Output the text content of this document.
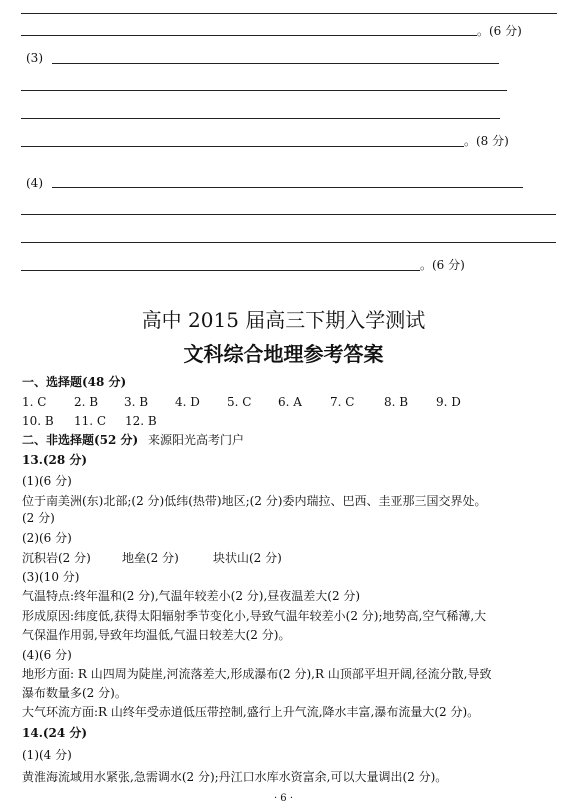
。(6 分)
(3)
。(8 分)
(4)
。(6 分)
高中 2015 届高三下期入学测试
文科综合地理参考答案
一、选择题(48 分)
1. C 2. B 3. B 4. D 5. C 6. A 7. C 8. B 9. D
10. B 11. C 12. B
二、非选择题(52 分) 来源阳光高考门户
13.(28 分)
(1)(6 分)
位于南美洲(东)北部;(2 分)低纬(热带)地区;(2 分)委内瑞拉、巴西、圭亚那三国交界处。
(2 分)
(2)(6 分)
沉积岩(2 分)	地垒(2 分)	块状山(2 分)
(3)(10 分)
气温特点:终年温和(2 分),气温年较差小(2 分),昼夜温差大(2 分)
形成原因:纬度低,获得太阳辐射季节变化小,导致气温年较差小(2 分);地势高,空气稀薄,大
气保温作用弱,导致年均温低,气温日较差大(2 分)。
(4)(6 分)
地形方面: R 山四周为陡崖,河流落差大,形成瀑布(2 分),R 山顶部平坦开阔,径流分散,导致
瀑布数量多(2 分)。
大气环流方面:R 山终年受赤道低压带控制,盛行上升气流,降水丰富,瀑布流量大(2 分)。
14.(24 分)
(1)(4 分)
黄淮海流域用水紧张,急需调水(2 分);丹江口水库水资富余,可以大量调出(2 分)。
· 6 ·
